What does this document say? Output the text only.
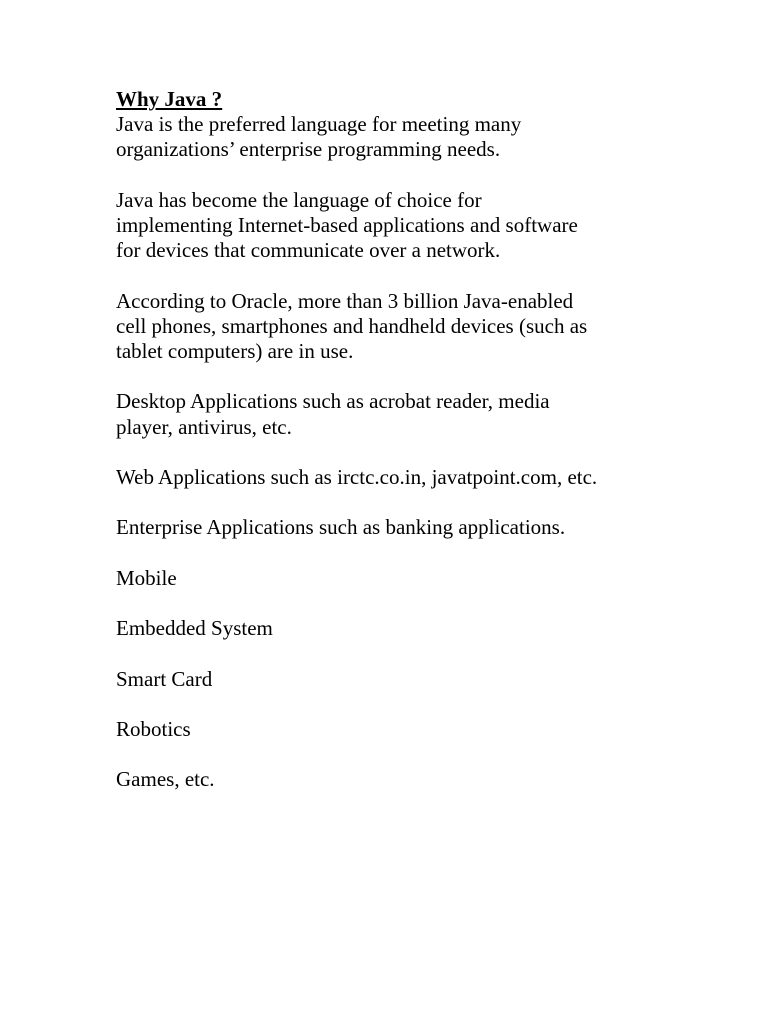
Why Java ?

Java is the preferred language for meeting many
organizations’ enterprise programming needs.

Java has become the language of choice for
implementing Internet-based applications and software
for devices that communicate over a network.

According to Oracle, more than 3 billion Java-enabled
cell phones, smartphones and handheld devices (such as
tablet computers) are in use.

Desktop Applications such as acrobat reader, media
player, antivirus, etc.

Web Applications such as irctc.co.in, javatpoint.com, etc.

Enterprise Applications such as banking applications.

Mobile

Embedded System

Smart Card

Robotics

Games, etc.
